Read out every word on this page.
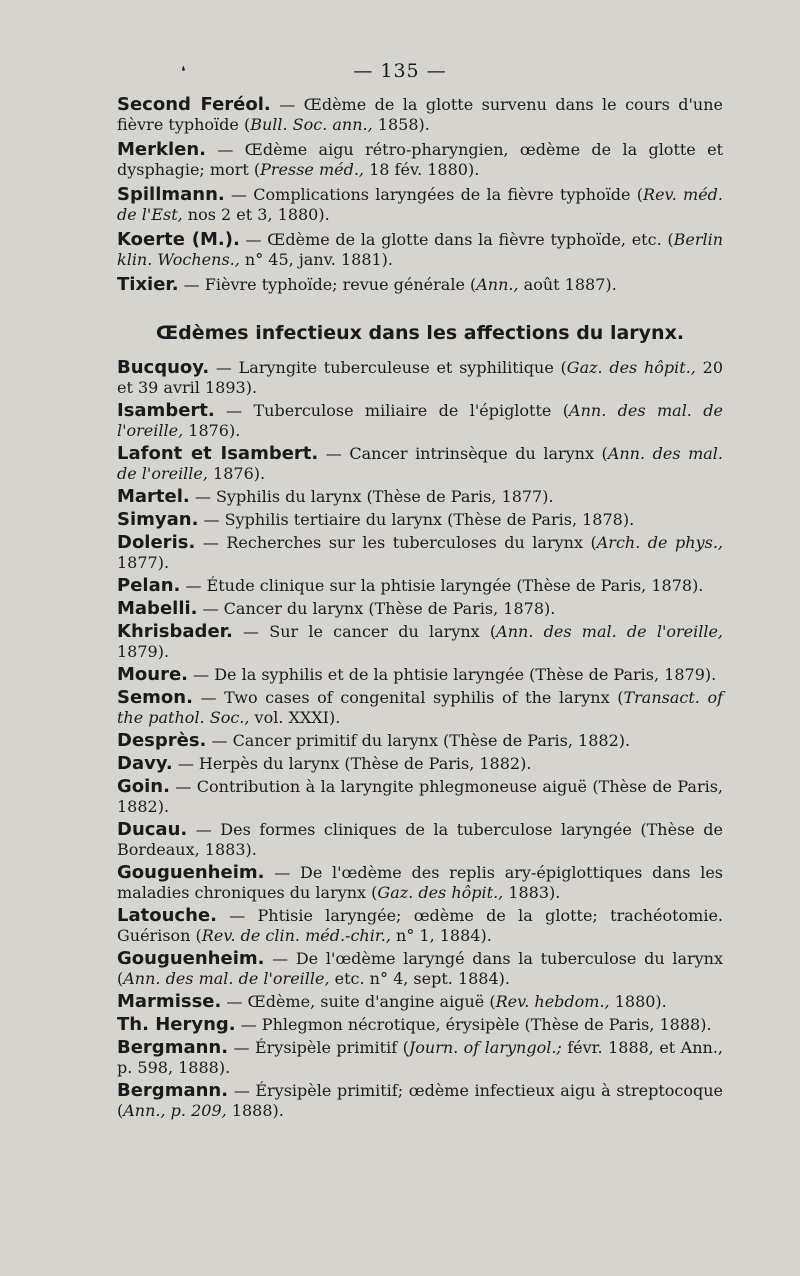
❛	— 135 —

Second Feréol. — Œdème de la glotte survenu dans le cours d'une fièvre typhoïde (Bull. Soc. ann., 1858).

Merklen. — Œdème aigu rétro-pharyngien, œdème de la glotte et dysphagie; mort (Presse méd., 18 fév. 1880).

Spillmann. — Complications laryngées de la fièvre typhoïde (Rev. méd. de l'Est, nos 2 et 3, 1880).

Koerte (M.). — Œdème de la glotte dans la fièvre typhoïde, etc. (Berlin klin. Wochens., n° 45, janv. 1881).

Tixier. — Fièvre typhoïde; revue générale (Ann., août 1887).

Œdèmes infectieux dans les affections du larynx.

Bucquoy. — Laryngite tuberculeuse et syphilitique (Gaz. des hôpit., 20 et 39 avril 1893).

Isambert. — Tuberculose miliaire de l'épiglotte (Ann. des mal. de l'oreille, 1876).

Lafont et Isambert. — Cancer intrinsèque du larynx (Ann. des mal. de l'oreille, 1876).

Martel. — Syphilis du larynx (Thèse de Paris, 1877).

Simyan. — Syphilis tertiaire du larynx (Thèse de Paris, 1878).

Doleris. — Recherches sur les tuberculoses du larynx (Arch. de phys., 1877).

Pelan. — Étude clinique sur la phtisie laryngée (Thèse de Paris, 1878).

Mabelli. — Cancer du larynx (Thèse de Paris, 1878).

Khrisbader. — Sur le cancer du larynx (Ann. des mal. de l'oreille, 1879).

Moure. — De la syphilis et de la phtisie laryngée (Thèse de Paris, 1879).

Semon. — Two cases of congenital syphilis of the larynx (Transact. of the pathol. Soc., vol. XXXI).

Desprès. — Cancer primitif du larynx (Thèse de Paris, 1882).

Davy. — Herpès du larynx (Thèse de Paris, 1882).

Goin. — Contribution à la laryngite phlegmoneuse aiguë (Thèse de Paris, 1882).

Ducau. — Des formes cliniques de la tuberculose laryngée (Thèse de Bordeaux, 1883).

Gouguenheim. — De l'œdème des replis ary-épiglottiques dans les maladies chroniques du larynx (Gaz. des hôpit., 1883).

Latouche. — Phtisie laryngée; œdème de la glotte; trachéotomie. Guérison (Rev. de clin. méd.-chir., n° 1, 1884).

Gouguenheim. — De l'œdème laryngé dans la tuberculose du larynx (Ann. des mal. de l'oreille, etc. n° 4, sept. 1884).

Marmisse. — Œdème, suite d'angine aiguë (Rev. hebdom., 1880).

Th. Heryng. — Phlegmon nécrotique, érysipèle (Thèse de Paris, 1888).

Bergmann. — Érysipèle primitif (Journ. of laryngol.; févr. 1888, et Ann., p. 598, 1888).

Bergmann. — Érysipèle primitif; œdème infectieux aigu à streptocoque (Ann., p. 209, 1888).
